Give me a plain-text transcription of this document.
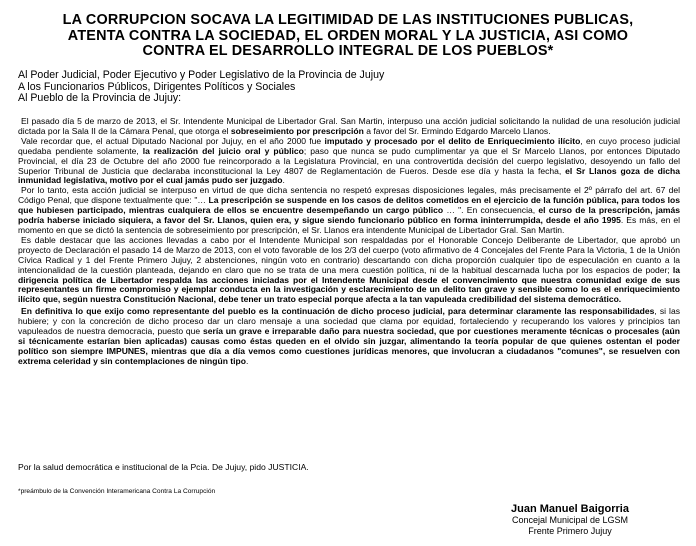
LA CORRUPCION SOCAVA LA LEGITIMIDAD DE LAS INSTITUCIONES PUBLICAS,
ATENTA CONTRA LA SOCIEDAD, EL ORDEN MORAL Y LA JUSTICIA, ASI COMO
CONTRA EL DESARROLLO INTEGRAL DE LOS PUEBLOS*
Al Poder Judicial, Poder Ejecutivo y Poder Legislativo de la Provincia de Jujuy
A los Funcionarios Públicos, Dirigentes Políticos y Sociales
Al Pueblo de la Provincia de Jujuy:

El pasado día 5 de marzo de 2013, el Sr. Intendente Municipal de Libertador Gral. San Martin, interpuso una acción judicial solicitando la nulidad de una resolución judicial dictada por la Sala II de la Cámara Penal, que otorga el sobreseimiento por prescripción a favor del Sr. Ermindo Edgardo Marcelo Llanos.

Vale recordar que, el actual Diputado Nacional por Jujuy, en el año 2000 fue imputado y procesado por el delito de Enriquecimiento ilícito, en cuyo proceso judicial quedaba pendiente solamente, la realización del juicio oral y público; paso que nunca se pudo cumplimentar ya que el Sr Marcelo Llanos, por entonces Diputado Provincial, el día 23 de Octubre del año 2000 fue reincorporado a la Legislatura Provincial, en una controvertida decisión del cuerpo legislativo, desoyendo un fallo del Superior Tribunal de Justicia que declaraba inconstitucional la Ley 4807 de Reglamentación de Fueros. Desde ese día y hasta la fecha, el Sr Llanos goza de dicha inmunidad legislativa, motivo por el cual jamás pudo ser juzgado.

Por lo tanto, esta acción judicial se interpuso en virtud de que dicha sentencia no respetó expresas disposiciones legales, más precisamente el 2º párrafo del art. 67 del Código Penal, que dispone textualmente que: "… La prescripción se suspende en los casos de delitos cometidos en el ejercicio de la función pública, para todos los que hubiesen participado, mientras cualquiera de ellos se encuentre desempeñando un cargo público … ". En consecuencia, el curso de la prescripción, jamás podría haberse iniciado siquiera, a favor del Sr. Llanos, quien era, y sigue siendo funcionario público en forma ininterrumpida, desde el año 1995. Es más, en el momento en que se dictó la sentencia de sobreseimiento por prescripción, el Sr. Llanos era intendente Municipal de Libertador Gral. San Martin.

Es dable destacar que las acciones llevadas a cabo por el Intendente Municipal son respaldadas por el Honorable Concejo Deliberante de Libertador, que aprobó un proyecto de Declaración el pasado 14 de Marzo de 2013, con el voto favorable de los 2/3 del cuerpo (voto afirmativo de 4 Concejales del Frente Para la Victoria, 1 de la Unión Cívica Radical y 1 del Frente Primero Jujuy, 2 abstenciones, ningún voto en contrario) descartando con dicha proporción cualquier tipo de especulación en cuanto a la intencionalidad de la cuestión planteada, dejando en claro que no se trata de una mera cuestión política, ni de la habitual descarnada lucha por los espacios de poder; la dirigencia política de Libertador respalda las acciones iniciadas por el Intendente Municipal desde el convencimiento que nuestra comunidad exige de sus representantes un firme compromiso y ejemplar conducta en la investigación y esclarecimiento de un delito tan grave y sensible como lo es el enriquecimiento ilícito que, según nuestra Constitución Nacional, debe tener un trato especial porque afecta a la tan vapuleada credibilidad del sistema democrático.

En definitiva lo que exijo como representante del pueblo es la continuación de dicho proceso judicial, para determinar claramente las responsabilidades, si las hubiere; y con la concreción de dicho proceso dar un claro mensaje a una sociedad que clama por equidad, fortaleciendo y recuperando los valores y principios tan vapuleados de nuestra democracia, puesto que sería un grave e irreparable daño para nuestra sociedad, que por cuestiones meramente técnicas o procesales (aún si técnicamente estarían bien aplicadas) causas como éstas queden en el olvido sin juzgar, alimentando la teoría popular de que quienes ostentan el poder político son siempre IMPUNES, mientras que día a día vemos como cuestiones jurídicas menores, que involucran a ciudadanos "comunes", se resuelven con extrema celeridad y sin contemplaciones de ningún tipo.

Por la salud democrática e institucional de la Pcia. De Jujuy, pido JUSTICIA.
*preámbulo de la Convención Interamericana Contra La Corrupción
Juan Manuel Baigorria
Concejal Municipal de LGSM
Frente Primero Jujuy
